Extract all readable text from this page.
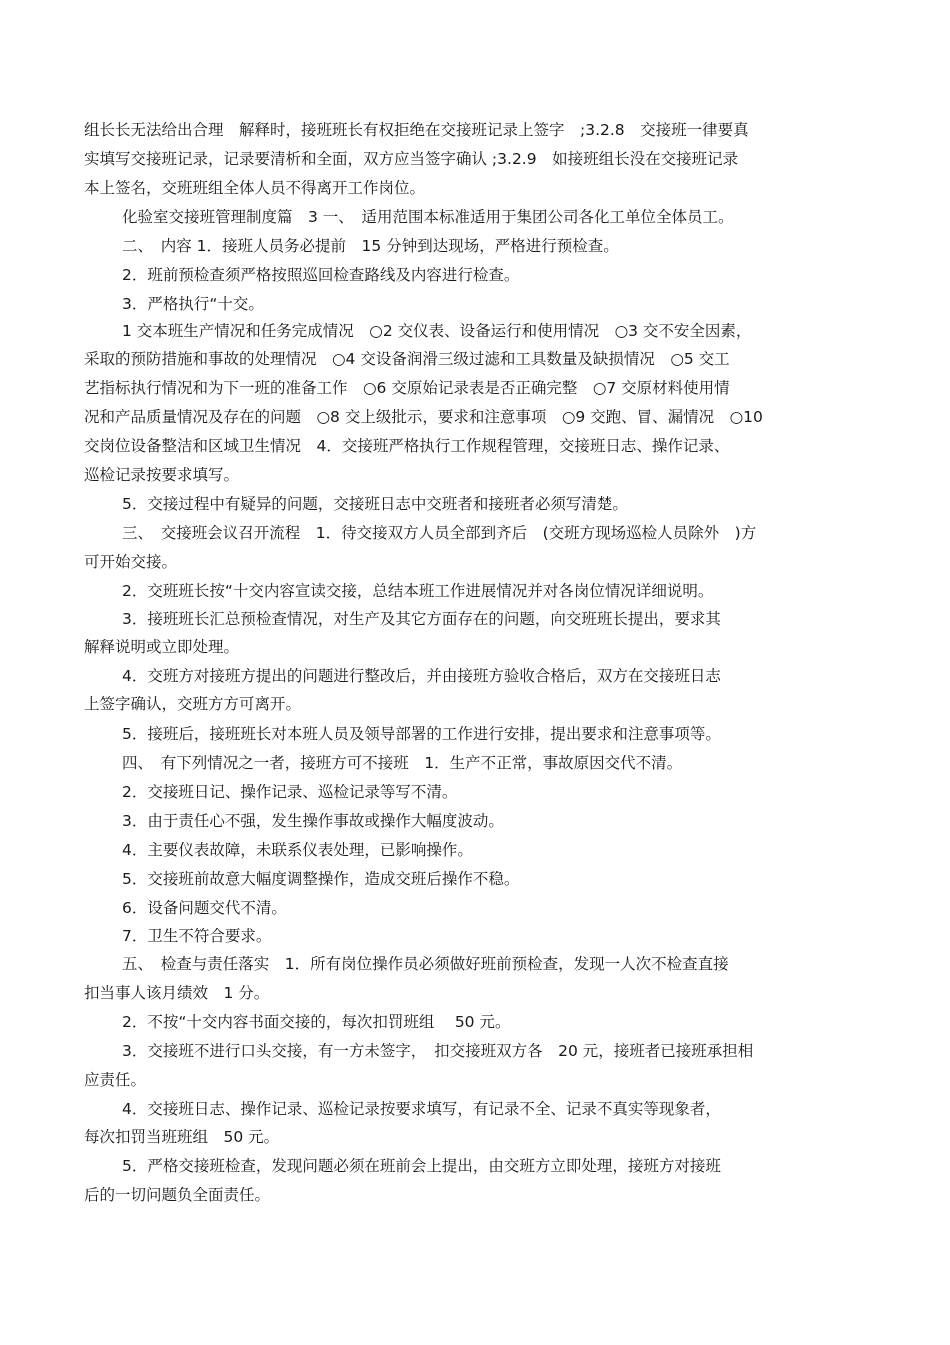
组长长无法给出合理　解释时，接班班长有权拒绝在交接班记录上签字　;3.2.8　交接班一律要真
实填写交接班记录，记录要清析和全面，双方应当签字确认 ;3.2.9　如接班组长没在交接班记录
本上签名，交班班组全体人员不得离开工作岗位。
化验室交接班管理制度篇　3 一、　适用范围本标准适用于集团公司各化工单位全体员工。
二、　内容 1．接班人员务必提前　15 分钟到达现场，严格进行预检查。
2．班前预检查须严格按照巡回检查路线及内容进行检查。
3．严格执行“十交。
1 交本班生产情况和任务完成情况　○2 交仪表、设备运行和使用情况　○3 交不安全因素，
采取的预防措施和事故的处理情况　○4 交设备润滑三级过滤和工具数量及缺损情况　○5 交工
艺指标执行情况和为下一班的准备工作　○6 交原始记录表是否正确完整　○7 交原材料使用情
况和产品质量情况及存在的问题　○8 交上级批示，要求和注意事项　○9 交跑、冒、漏情况　○10
交岗位设备整洁和区域卫生情况　4．交接班严格执行工作规程管理，交接班日志、操作记录、
巡检记录按要求填写。
5．交接过程中有疑异的问题，交接班日志中交班者和接班者必须写清楚。
三、　交接班会议召开流程　1．待交接双方人员全部到齐后　(交班方现场巡检人员除外　)方
可开始交接。
2．交班班长按“十交内容宣读交接，总结本班工作进展情况并对各岗位情况详细说明。
3．接班班长汇总预检查情况，对生产及其它方面存在的问题，向交班班长提出，要求其
解释说明或立即处理。
4．交班方对接班方提出的问题进行整改后，并由接班方验收合格后，双方在交接班日志
上签字确认，交班方方可离开。
5．接班后，接班班长对本班人员及领导部署的工作进行安排，提出要求和注意事项等。
四、　有下列情况之一者，接班方可不接班　1．生产不正常，事故原因交代不清。
2．交接班日记、操作记录、巡检记录等写不清。
3．由于责任心不强，发生操作事故或操作大幅度波动。
4．主要仪表故障，未联系仪表处理，已影响操作。
5．交接班前故意大幅度调整操作，造成交班后操作不稳。
6．设备问题交代不清。
7．卫生不符合要求。
五、　检查与责任落实　1．所有岗位操作员必须做好班前预检查，发现一人次不检查直接
扣当事人该月绩效　1 分。
2．不按“十交内容书面交接的，每次扣罚班组　 50 元。
3．交接班不进行口头交接，有一方未签字，　扣交接班双方各　20 元，接班者已接班承担相
应责任。
4．交接班日志、操作记录、巡检记录按要求填写，有记录不全、记录不真实等现象者，
每次扣罚当班班组　50 元。
5．严格交接班检查，发现问题必须在班前会上提出，由交班方立即处理，接班方对接班
后的一切问题负全面责任。
